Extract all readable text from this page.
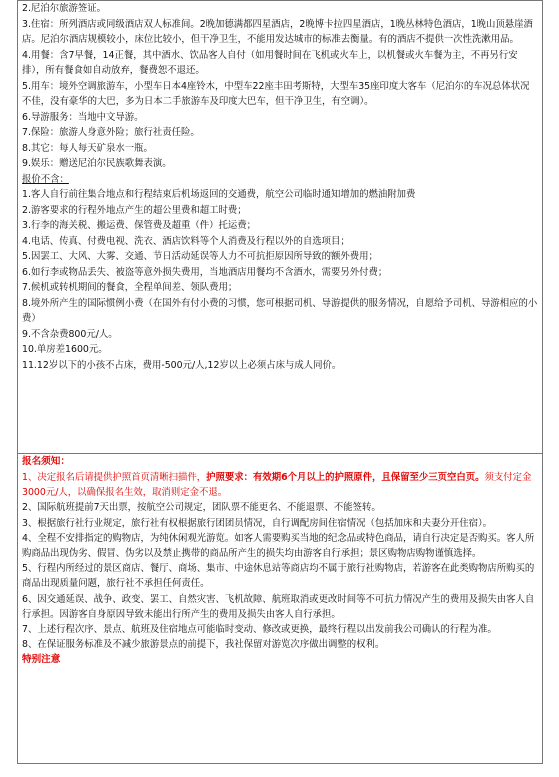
2.尼泊尔旅游签证。

3.住宿：所列酒店或同级酒店双人标准间。2晚加德满都四星酒店，2晚博卡拉四星酒店，1晚丛林特色酒店，1晚山顶悬崖酒店。尼泊尔酒店规模较小，床位比较小，但干净卫生，不能用发达城市的标准去衡量。有的酒店不提供一次性洗漱用品。

4.用餐：含7早餐，14正餐，其中酒水、饮品客人自付（如用餐时间在飞机或火车上，以机餐或火车餐为主，不再另行安排），所有餐食如自动放弃，餐费恕不退还。

5.用车：境外空调旅游车，小型车日本4座铃木，中型车22座丰田考斯特，大型车35座印度大客车（尼泊尔的车况总体状况不佳，没有豪华的大巴，多为日本二手旅游车及印度大巴车，但干净卫生，有空调）。

6.导游服务：当地中文导游。

7.保险：旅游人身意外险；旅行社责任险。

8.其它：每人每天矿泉水一瓶。

9.娱乐：赠送尼泊尔民族歌舞表演。

报价不含：

1.客人自行前往集合地点和行程结束后机场返回的交通费，航空公司临时通知增加的燃油附加费

2.游客要求的行程外地点产生的超公里费和超工时费；

3.行李的海关税、搬运费、保管费及超重（件）托运费；

4.电话、传真、付费电视、洗衣、酒店饮料等个人消费及行程以外的自选项目；

5.因罢工、大风、大雾、交通、节日活动延误等人力不可抗拒原因所导致的额外费用；

6.如行李或物品丢失、被盗等意外损失费用，当地酒店用餐均不含酒水，需要另外付费；

7.候机或转机期间的餐食，全程单间差、领队费用；

8.境外所产生的国际惯例小费（在国外有付小费的习惯，您可根据司机、导游提供的服务情况，自愿给予司机、导游相应的小费）

9.不含杂费800元/人。

10.单房差1600元。

11.12岁以下的小孩不占床，费用-500元/人,12岁以上必须占床与成人同价。

报名须知：

1、决定报名后请提供护照首页清晰扫描件，护照要求：有效期6个月以上的护照原件，且保留至少三页空白页。须支付定金3000元/人，以确保报名生效，取消则定金不退。

2、国际航班提前7天出票，按航空公司规定，团队票不能更名、不能退票、不能签转。

3、根据旅行社行业规定，旅行社有权根据旅行团团员情况，自行调配房间住宿情况（包括加床和夫妻分开住宿）。

4、全程不安排指定的购物店，为纯休闲观光游览。如客人需要购买当地的纪念品或特色商品，请自行决定是否购买。客人所购商品出现伪劣、假冒、伪劣以及禁止携带的商品所产生的损失均由游客自行承担；景区购物店购物谨慎选择。

5、行程内所经过的景区商店、餐厅、商场、集市、中途休息站等商店均不属于旅行社购物店，若游客在此类购物店所购买的商品出现质量问题，旅行社不承担任何责任。

6、因交通延误、战争、政变、罢工、自然灾害、飞机故障、航班取消或更改时间等不可抗力情况产生的费用及损失由客人自行承担。因游客自身原因导致未能出行所产生的费用及损失由客人自行承担。

7、上述行程次序、景点、航班及住宿地点可能临时变动、修改或更换，最终行程以出发前我公司确认的行程为准。

8、在保证服务标准及不减少旅游景点的前提下，我社保留对游览次序做出调整的权利。

特别注意
